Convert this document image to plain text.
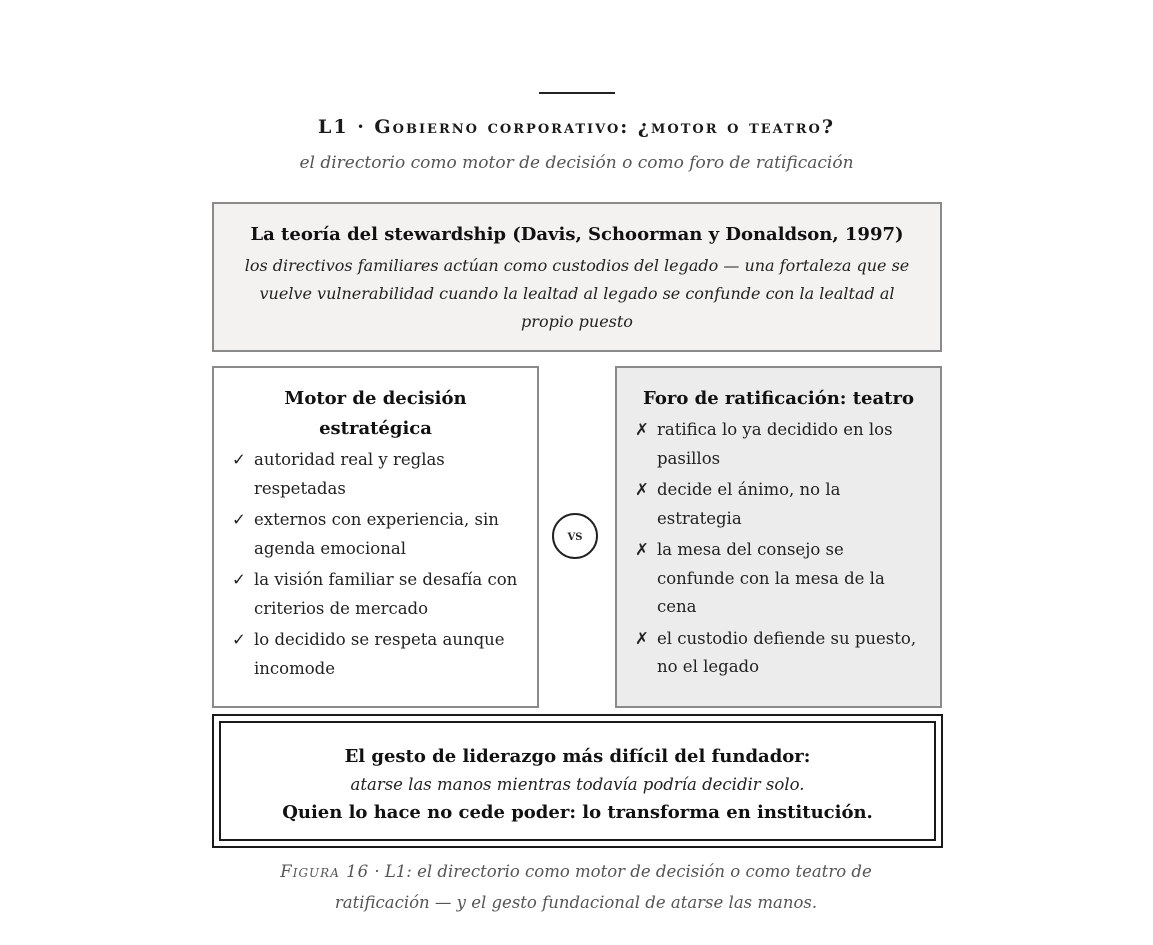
L1 · Gobierno corporativo: ¿motor o teatro?
el directorio como motor de decisión o como foro de ratificación
La teoría del stewardship (Davis, Schoorman y Donaldson, 1997)
los directivos familiares actúan como custodios del legado — una fortaleza que se vuelve vulnerabilidad cuando la lealtad al legado se confunde con la lealtad al propio puesto
Motor de decisión estratégica
✓ autoridad real y reglas respetadas
✓ externos con experiencia, sin agenda emocional
✓ la visión familiar se desafía con criterios de mercado
✓ lo decidido se respeta aunque incomode
vs
Foro de ratificación: teatro
✗ ratifica lo ya decidido en los pasillos
✗ decide el ánimo, no la estrategia
✗ la mesa del consejo se confunde con la mesa de la cena
✗ el custodio defiende su puesto, no el legado
El gesto de liderazgo más difícil del fundador:
atarse las manos mientras todavía podría decidir solo.
Quien lo hace no cede poder: lo transforma en institución.
Figura 16 · L1: el directorio como motor de decisión o como teatro de ratificación — y el gesto fundacional de atarse las manos.
